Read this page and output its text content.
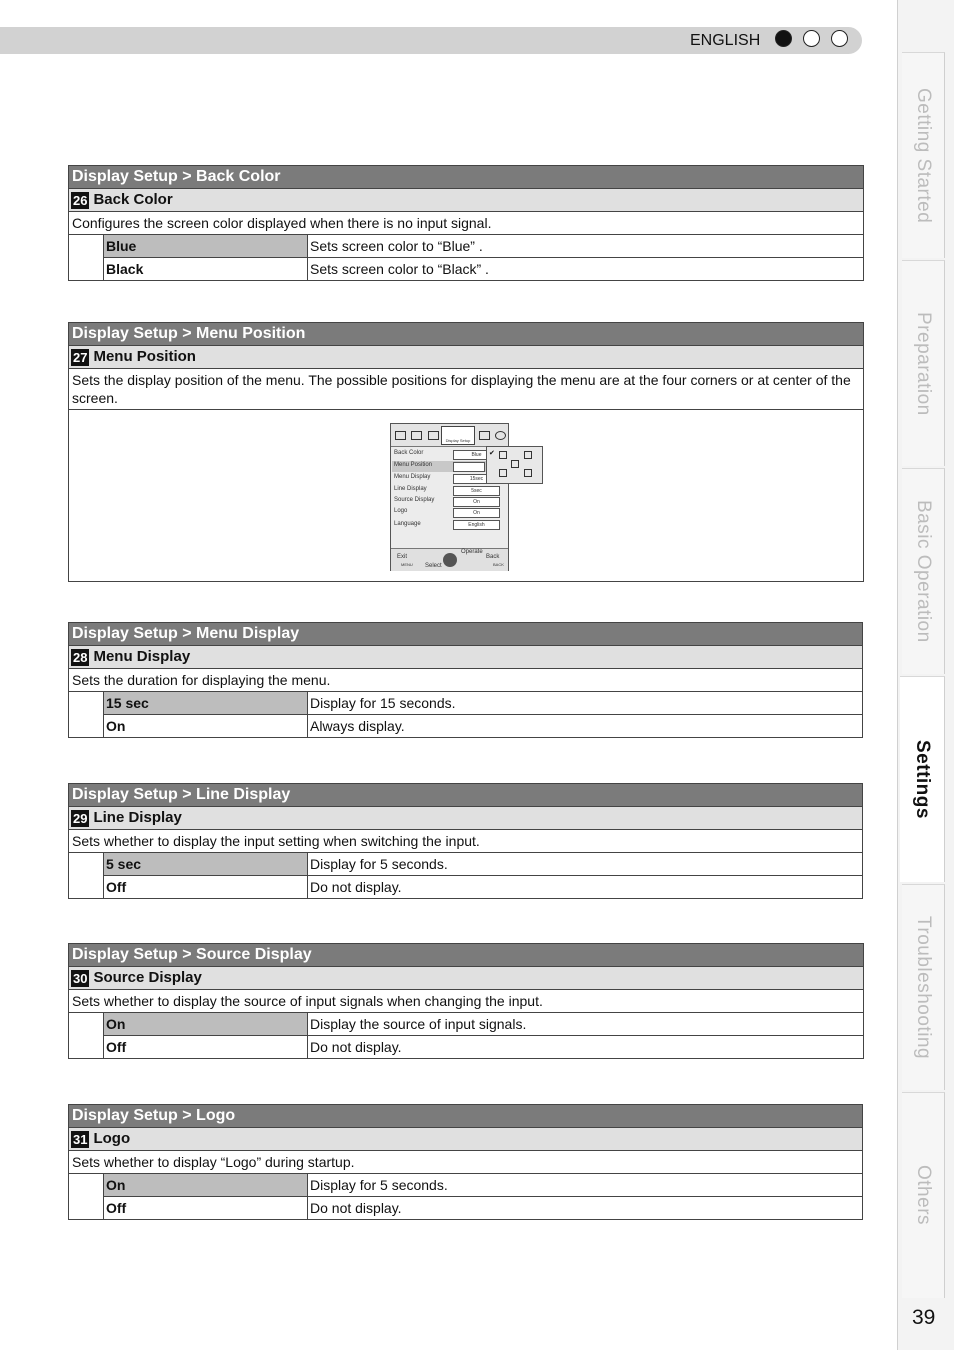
ENGLISH
Getting Started
Preparation
Basic Operation
Settings
Troubleshooting
Others
39
Display Setup > Back Color
26 Back Color
Configures the screen color displayed when there is no input signal.
Blue	Sets screen color to “Blue” .
Black	Sets screen color to “Black” .
Display Setup > Menu Position
27 Menu Position
Sets the display position of the menu. The possible positions for displaying the menu are at the four corners or at center of the screen.
Display Setup
Back Color	Blue
Menu Position
Menu Display	15sec
Line Display	5sec
Source Display	On
Logo	On
Language	English
Exit
MENU Select
Operate
Back
BACK
✔
Display Setup > Menu Display
28 Menu Display
Sets the duration for displaying the menu.
15 sec	Display for 15 seconds.
On	Always display.
Display Setup > Line Display
29 Line Display
Sets whether to display the input setting when switching the input.
5 sec	Display for 5 seconds.
Off	Do not display.
Display Setup > Source Display
30 Source Display
Sets whether to display the source of input signals when changing the input.
On	Display the source of input signals.
Off	Do not display.
Display Setup > Logo
31 Logo
Sets whether to display “Logo” during startup.
On	Display for 5 seconds.
Off	Do not display.
